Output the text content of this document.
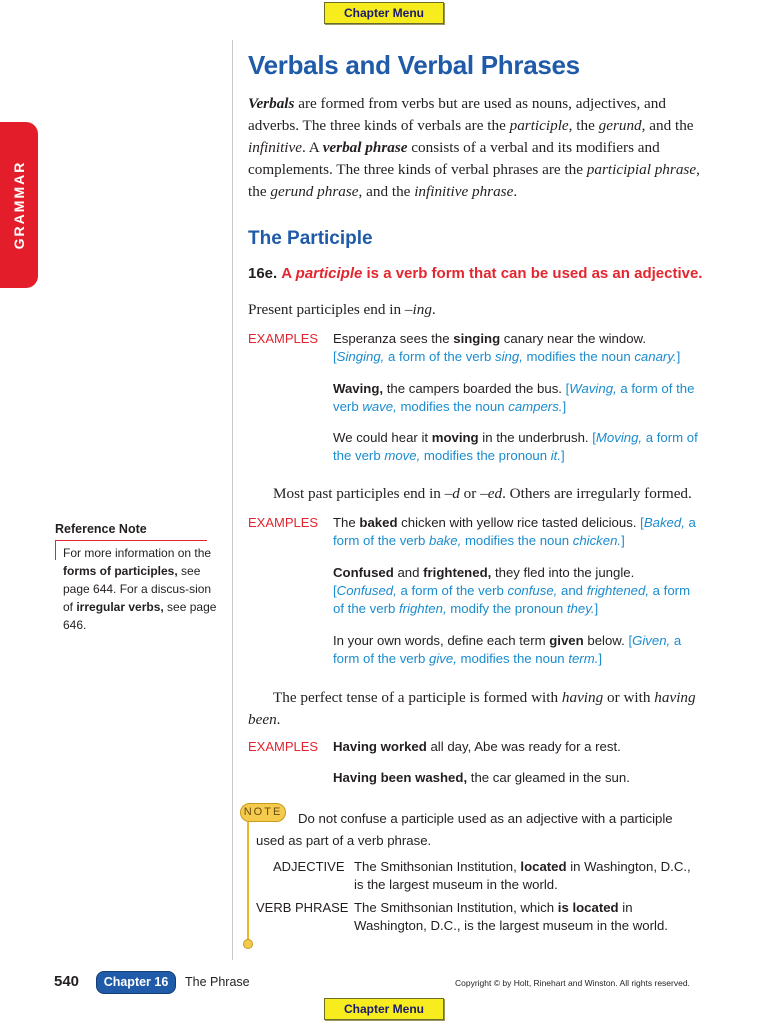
Chapter Menu
GRAMMAR
Verbals and Verbal Phrases

Verbals are formed from verbs but are used as nouns, adjectives, and adverbs. The three kinds of verbals are the participle, the gerund, and the infinitive. A verbal phrase consists of a verbal and its modifiers and complements. The three kinds of verbal phrases are the participial phrase, the gerund phrase, and the infinitive phrase.

The Participle
16e. A participle is a verb form that can be used as an adjective.

Present participles end in –ing.

EXAMPLES Esperanza sees the singing canary near the window. [Singing, a form of the verb sing, modifies the noun canary.]

Waving, the campers boarded the bus. [Waving, a form of the verb wave, modifies the noun campers.]

We could hear it moving in the underbrush. [Moving, a form of the verb move, modifies the pronoun it.]

Most past participles end in –d or –ed. Others are irregularly formed.

EXAMPLES The baked chicken with yellow rice tasted delicious. [Baked, a form of the verb bake, modifies the noun chicken.]

Confused and frightened, they fled into the jungle. [Confused, a form of the verb confuse, and frightened, a form of the verb frighten, modify the pronoun they.]

In your own words, define each term given below. [Given, a form of the verb give, modifies the noun term.]

The perfect tense of a participle is formed with having or with having been.

EXAMPLES Having worked all day, Abe was ready for a rest.

Having been washed, the car gleamed in the sun.

NOTE	Do not confuse a participle used as an adjective with a participle used as part of a verb phrase.

ADJECTIVE The Smithsonian Institution, located in Washington, D.C., is the largest museum in the world.

VERB PHRASE The Smithsonian Institution, which is located in Washington, D.C., is the largest museum in the world.

Reference Note

For more information on the forms of participles, see page 644. For a discus-sion of irregular verbs, see page 646.

540	Chapter 16	The Phrase	Copyright © by Holt, Rinehart and Winston. All rights reserved.
Chapter Menu
